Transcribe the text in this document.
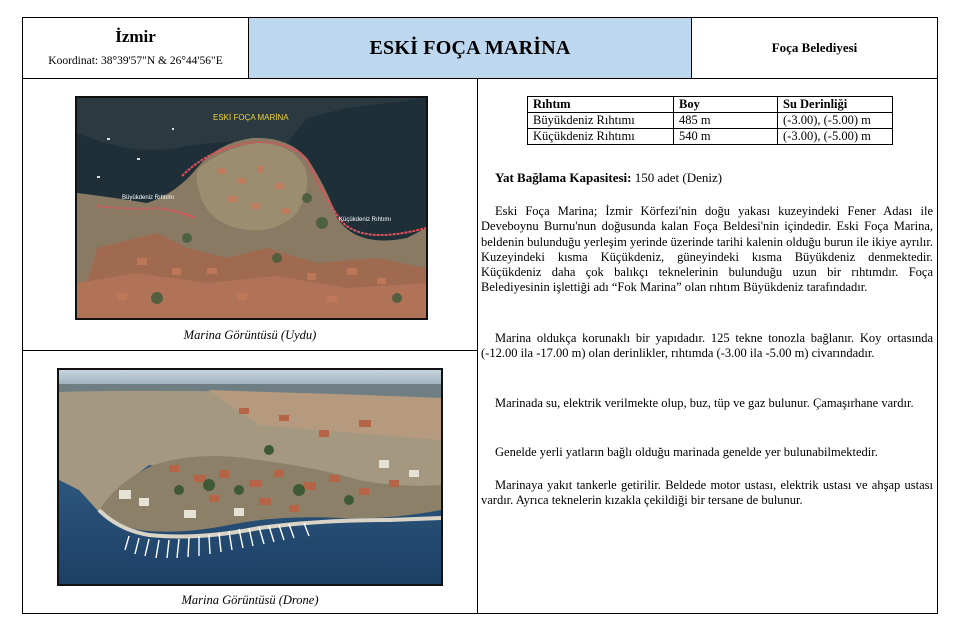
İzmir
Koordinat: 38°39'57"N & 26°44'56"E
ESKİ FOÇA MARİNA	Foça Belediyesi
ESKİ FOÇA MARİNA
Büyükdeniz Rıhtımı
Küçükdeniz Rıhtımı
Marina Görüntüsü (Uydu)
Marina Görüntüsü (Drone)
Rıhtım	Boy	Su Derinliği
Büyükdeniz Rıhtımı	485 m	(-3.00), (-5.00) m
Küçükdeniz Rıhtımı	540 m	(-3.00), (-5.00) m
Yat Bağlama Kapasitesi: 150 adet (Deniz)

Eski Foça Marina; İzmir Körfezi'nin doğu yakası kuzeyindeki Fener Adası ile Deveboynu Burnu'nun doğusunda kalan Foça Beldesi'nin içindedir. Eski Foça Marina, beldenin bulunduğu yerleşim yerinde üzerinde tarihi kalenin olduğu burun ile ikiye ayrılır. Kuzeyindeki kısma Küçükdeniz, güneyindeki kısma Büyükdeniz denmektedir. Küçükdeniz daha çok balıkçı teknelerinin bulunduğu uzun bir rıhtımdır. Foça Belediyesinin işlettiği adı “Fok Marina” olan rıhtım Büyükdeniz tarafındadır.

Marina oldukça korunaklı bir yapıdadır. 125 tekne tonozla bağlanır. Koy ortasında (-12.00 ila -17.00 m) olan derinlikler, rıhtımda (-3.00 ila -5.00 m) civarındadır.

Marinada su, elektrik verilmekte olup, buz, tüp ve gaz bulunur. Çamaşırhane vardır.

Genelde yerli yatların bağlı olduğu marinada genelde yer bulunabilmektedir.

Marinaya yakıt tankerle getirilir. Beldede motor ustası, elektrik ustası ve ahşap ustası vardır. Ayrıca teknelerin kızakla çekildiği bir tersane de bulunur.
